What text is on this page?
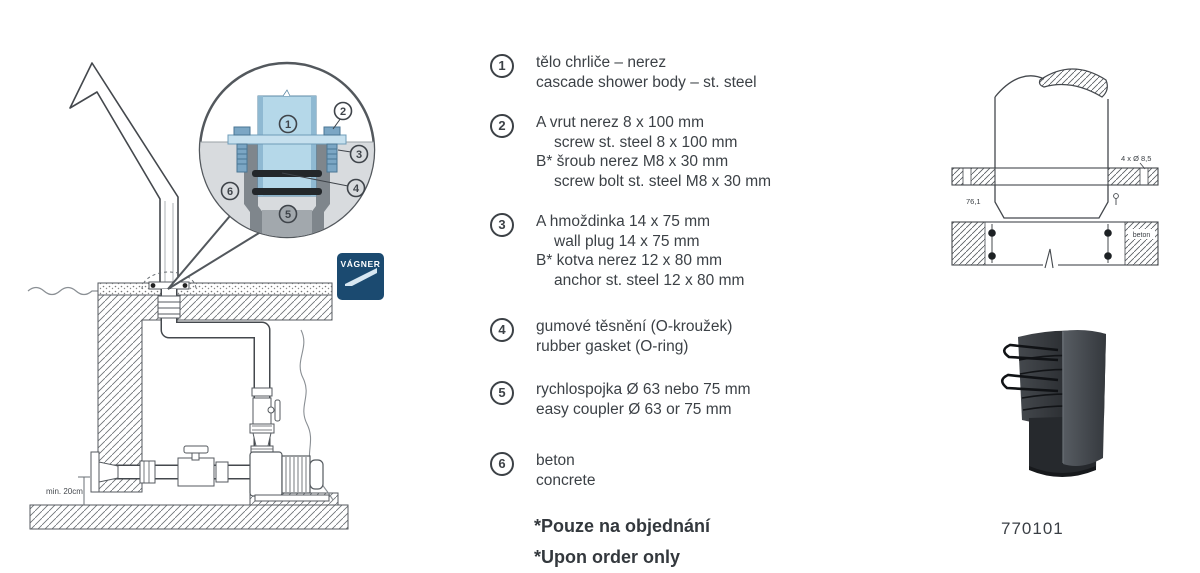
min. 20cm
1
2
3
4
5
6
VÁGNER
1	tělo chrliče – nerez
cascade shower body – st. steel
2	A vrut nerez 8 x 100 mm
screw st. steel 8 x 100 mm
B* šroub nerez M8 x 30 mm
screw bolt st. steel M8 x 30 mm
3	A hmoždinka 14 x 75 mm
wall plug 14 x 75 mm
B* kotva nerez 12 x 80 mm
anchor st. steel 12 x 80 mm
4	gumové těsnění (O-kroužek)
rubber gasket (O-ring)
5	rychlospojka Ø 63 nebo 75 mm
easy coupler Ø 63 or 75 mm
6	beton
concrete
*Pouze na objednání
*Upon order only
4 x Ø 8,5
76,1
beton
770101
